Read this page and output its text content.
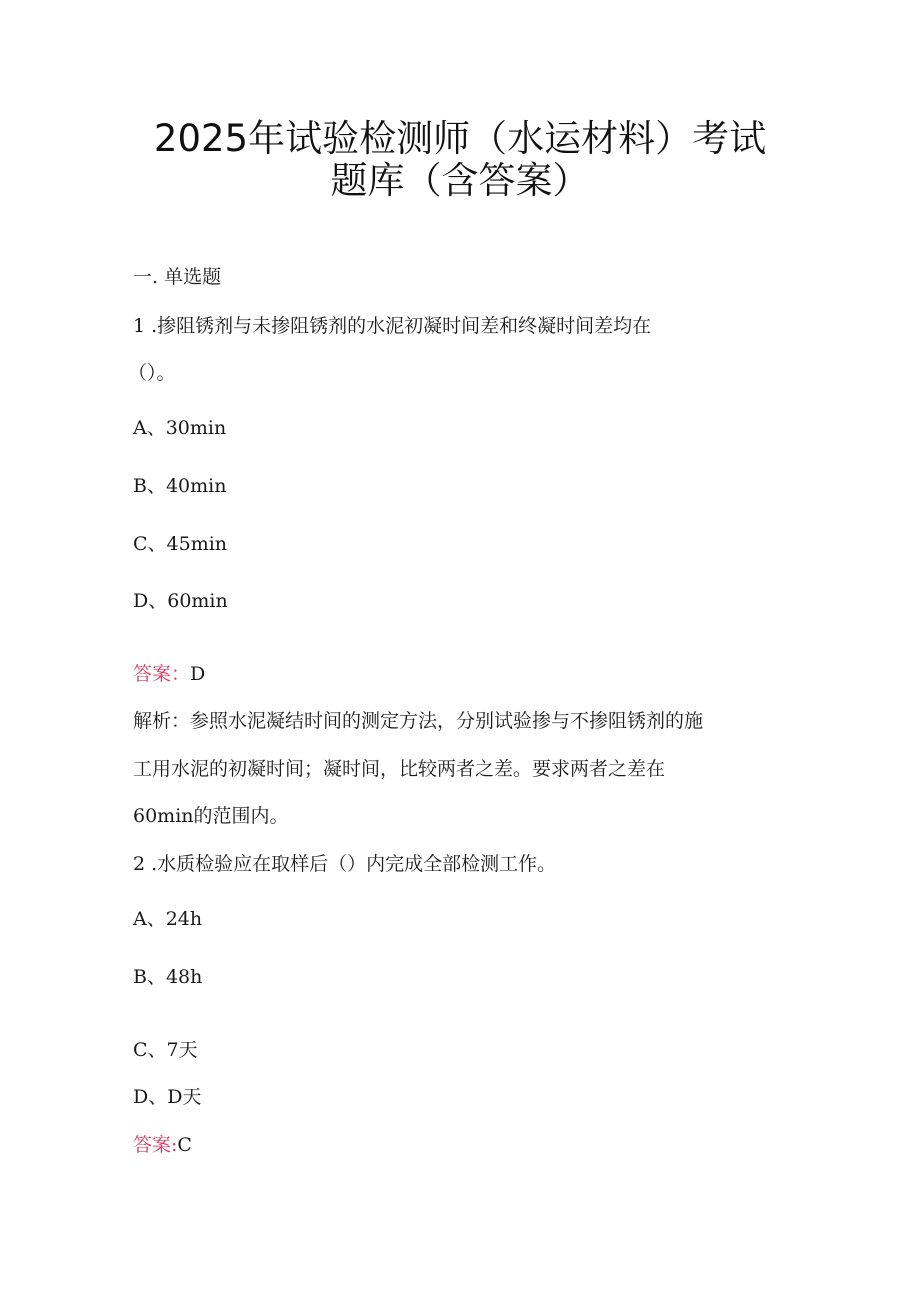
2025年试验检测师（水运材料）考试
题库（含答案）

一. 单选题

1 .掺阻锈剂与未掺阻锈剂的水泥初凝时间差和终凝时间差均在

（）。

A、30min

B、40min

C、45min

D、60min

答案：D

解析：参照水泥凝结时间的测定方法，分别试验掺与不掺阻锈剂的施

工用水泥的初凝时间；凝时间，比较两者之差。要求两者之差在

60min的范围内。

2 .水质检验应在取样后（）内完成全部检测工作。

A、24h

B、48h

C、7天

D、D天

答案:C
